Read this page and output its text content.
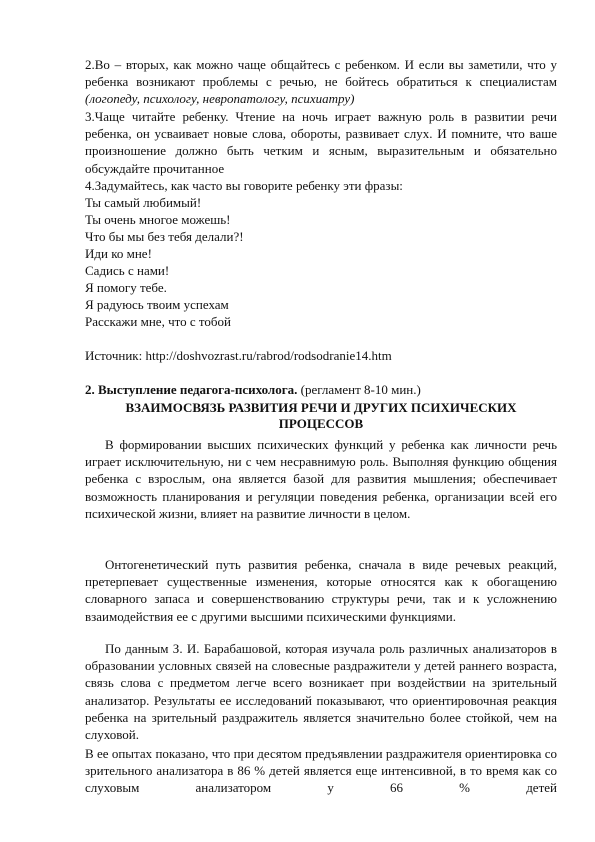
2.Во – вторых, как можно чаще общайтесь с ребенком. И если вы заметили, что у ребенка возникают проблемы с речью, не бойтесь обратиться к специалистам (логопеду, психологу, невропатологу, психиатру)

3.Чаще читайте ребенку. Чтение на ночь играет важную роль в развитии речи ребенка, он усваивает новые слова, обороты, развивает слух. И помните, что ваше произношение должно быть четким и ясным, выразительным и обязательно обсуждайте прочитанное

4.Задумайтесь, как часто вы говорите ребенку эти фразы:

Ты самый любимый!
Ты очень многое можешь!
Что бы мы без тебя делали?!
Иди ко мне!
Садись с нами!
Я помогу тебе.
Я радуюсь твоим успехам
Расскажи мне, что с тобой
Источник: http://doshvozrast.ru/rabrod/rodsodranie14.htm
2. Выступление педагога-психолога. (регламент 8-10 мин.)
ВЗАИМОСВЯЗЬ РАЗВИТИЯ РЕЧИ И ДРУГИХ ПСИХИЧЕСКИХ ПРОЦЕССОВ

В формировании высших психических функций у ребенка как личности речь играет исключительную, ни с чем несравнимую роль. Выполняя функцию общения ребенка с взрослым, она является базой для развития мышления; обеспечивает возможность планирования и регуляции поведения ребенка, организации всей его психической жизни, влияет на развитие личности в целом.

Онтогенетический путь развития ребенка, сначала в виде речевых реакций, претерпевает существенные изменения, которые относятся как к обогащению словарного запаса и совершенствованию структуры речи, так и к усложнению взаимодействия ее с другими высшими психическими функциями.

По данным З. И. Барабашовой, которая изучала роль различных анализаторов в образовании условных связей на словесные раздражители у детей раннего возраста, связь слова с предметом легче всего возникает при воздействии на зрительный анализатор. Результаты ее исследований показывают, что ориентировочная реакция ребенка на зрительный раздражитель является значительно более стойкой, чем на слуховой.

В ее опытах показано, что при десятом предъявлении раздражителя ориентировка со зрительного анализатора в 86 % детей является еще интенсивной, в то время как со слуховым анализатором у 66 % детей
